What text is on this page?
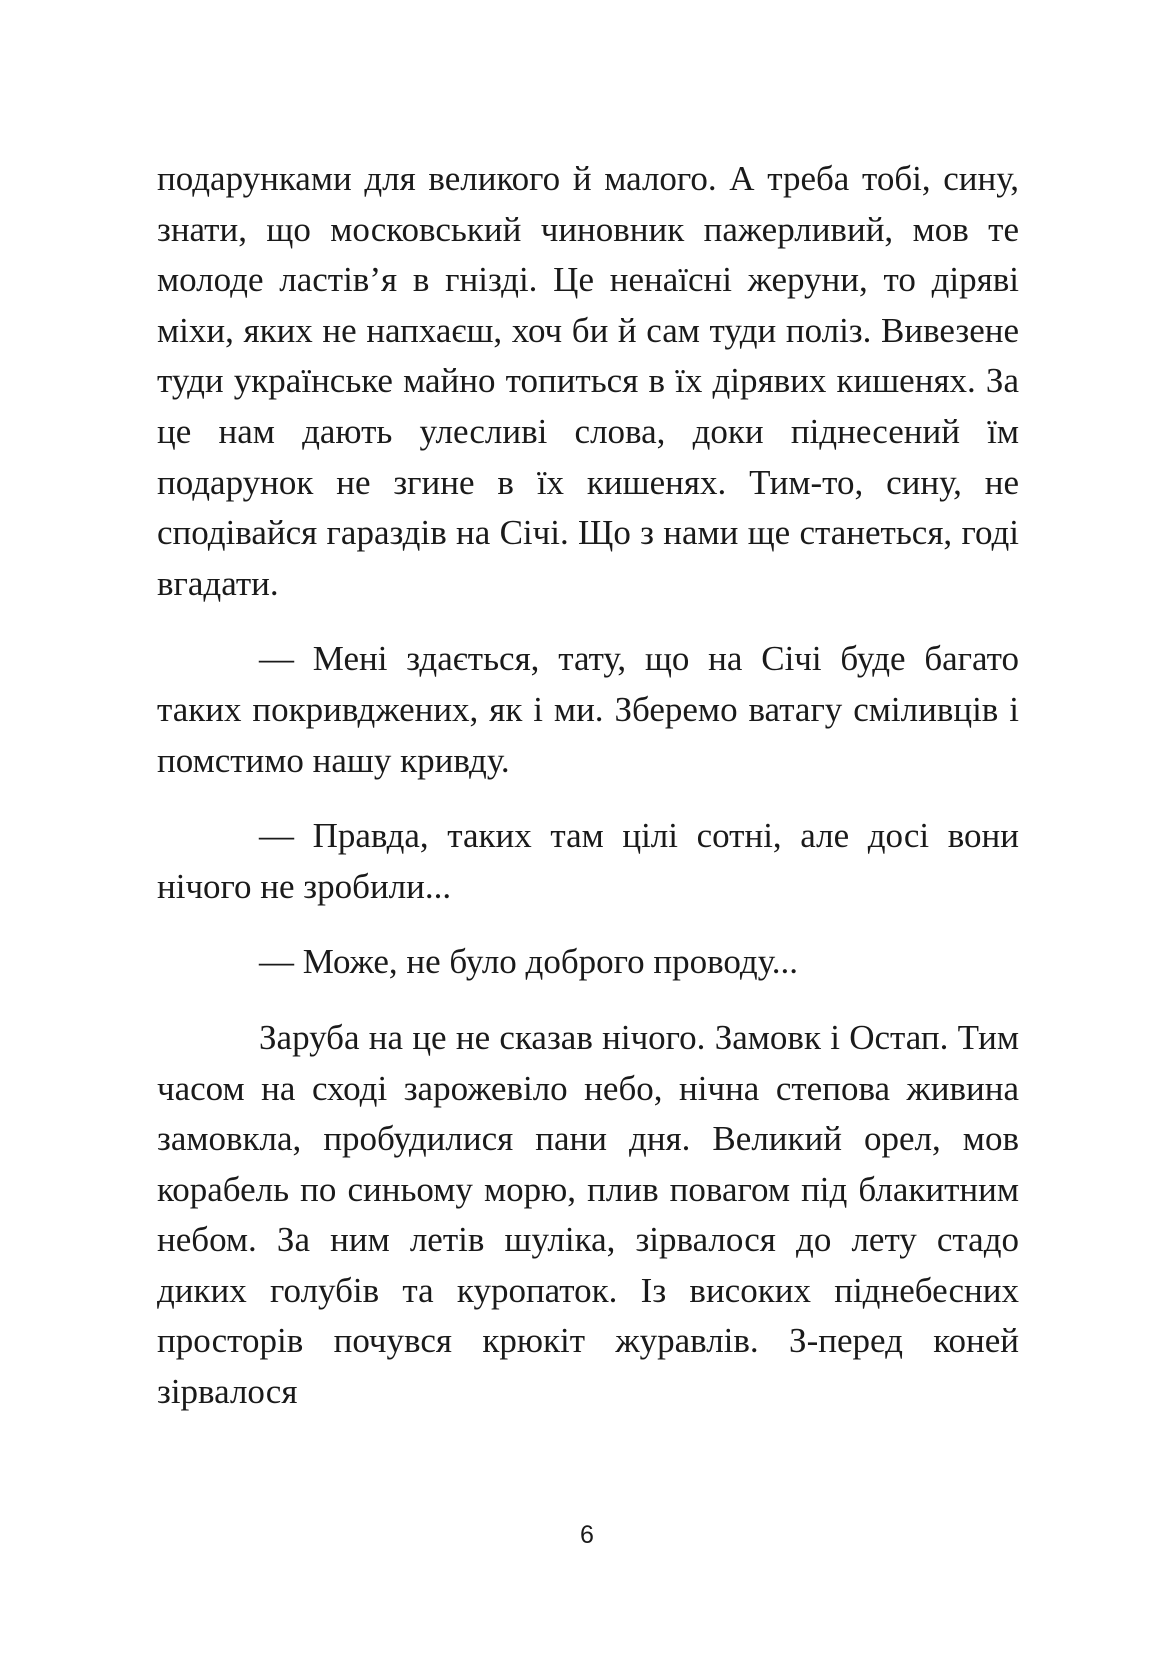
подарунками для великого й малого. А треба тобі, сину, знати, що московський чиновник пажерливий, мов те молоде ластів’я в гнізді. Це ненаїсні жеруни, то діряві міхи, яких не напхаєш, хоч би й сам туди поліз. Вивезене туди українське майно топиться в їх дірявих кишенях. За це нам дають улесливі слова, доки піднесений їм подарунок не згине в їх кишенях. Тим-то, сину, не сподівайся гараздів на Січі. Що з нами ще станеться, годі вгадати.

— Мені здається, тату, що на Січі буде багато таких покривджених, як і ми. Зберемо ватагу сміливців і помстимо нашу кривду.

— Правда, таких там цілі сотні, але досі вони нічого не зробили...

— Може, не було доброго проводу...

Заруба на це не сказав нічого. Замовк і Остап. Тим часом на сході зарожевіло небо, нічна степова живина замовкла, пробудилися пани дня. Великий орел, мов корабель по синьому морю, плив повагом під блакитним небом. За ним летів шуліка, зірвалося до лету стадо диких голубів та куропаток. Із високих піднебесних просторів почувся крюкіт журавлів. З-перед коней зірвалося

6
